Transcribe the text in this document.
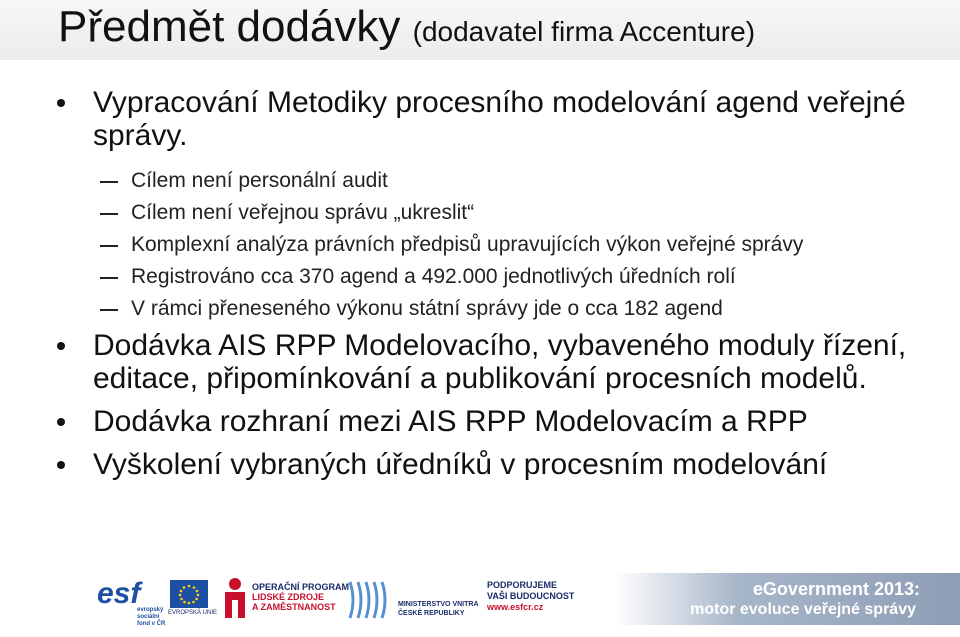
Předmět dodávky (dodavatel firma Accenture)
Vypracování Metodiky procesního modelování agend veřejné správy.
Cílem není personální audit
Cílem není veřejnou správu „ukreslit“
Komplexní analýza právních předpisů upravujících výkon veřejné správy
Registrováno cca 370 agend a 492.000 jednotlivých úředních rolí
V rámci přeneseného výkonu státní správy jde o cca 182 agend
Dodávka AIS RPP Modelovacího, vybaveného moduly řízení, editace, připomínkování a publikování procesních modelů.
Dodávka rozhraní mezi AIS RPP Modelovacím a RPP
Vyškolení vybraných úředníků v procesním modelování
esf
evropský sociální fond v ČR
EVROPSKÁ UNIE
OPERAČNÍ PROGRAM
LIDSKÉ ZDROJE
A ZAMĚSTNANOST	MINISTERSTVO VNITRA
ČESKÉ REPUBLIKY
PODPORUJEME
VAŠI BUDOUCNOST
www.esfcr.cz
eGovernment 2013:
motor evoluce veřejné správy
